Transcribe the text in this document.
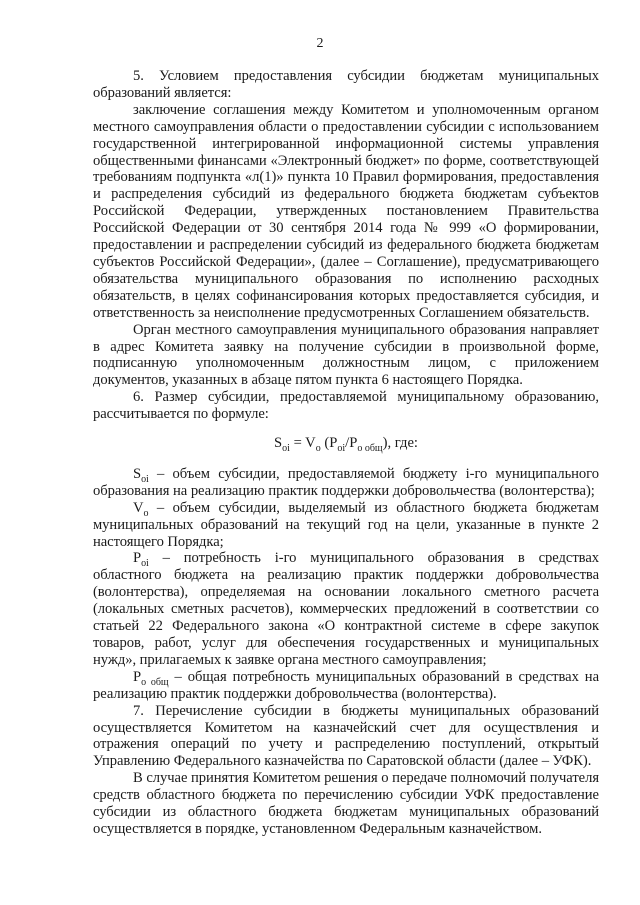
2

5. Условием предоставления субсидии бюджетам муниципальных образований является:

заключение соглашения между Комитетом и уполномоченным органом местного самоуправления области о предоставлении субсидии с использованием государственной интегрированной информационной системы управления общественными финансами «Электронный бюджет» по форме, соответствующей требованиям подпункта «л(1)» пункта 10 Правил формирования, предоставления и распределения субсидий из федерального бюджета бюджетам субъектов Российской Федерации, утвержденных постановлением Правительства Российской Федерации от 30 сентября 2014 года № 999 «О формировании, предоставлении и распределении субсидий из федерального бюджета бюджетам субъектов Российской Федерации», (далее – Соглашение), предусматривающего обязательства муниципального образования по исполнению расходных обязательств, в целях софинансирования которых предоставляется субсидия, и ответственность за неисполнение предусмотренных Соглашением обязательств.

Орган местного самоуправления муниципального образования направляет в адрес Комитета заявку на получение субсидии в произвольной форме, подписанную уполномоченным должностным лицом, с приложением документов, указанных в абзаце пятом пункта 6 настоящего Порядка.

6. Размер субсидии, предоставляемой муниципальному образованию, рассчитывается по формуле:

$S_{oi} = V_o$ $(P_{oi}/P_{o общ})$, где:

$S_{oi}$ – объем субсидии, предоставляемой бюджету i-го муниципального образования на реализацию практик поддержки добровольчества (волонтерства);

$V_o$ – объем субсидии, выделяемый из областного бюджета бюджетам муниципальных образований на текущий год на цели, указанные в пункте 2 настоящего Порядка;

$P_{oi}$ – потребность i-го муниципального образования в средствах областного бюджета на реализацию практик поддержки добровольчества (волонтерства), определяемая на основании локального сметного расчета (локальных сметных расчетов), коммерческих предложений в соответствии со статьей 22 Федерального закона «О контрактной системе в сфере закупок товаров, работ, услуг для обеспечения государственных и муниципальных нужд», прилагаемых к заявке органа местного самоуправления;

$P_{o общ}$ – общая потребность муниципальных образований в средствах на реализацию практик поддержки добровольчества (волонтерства).

7. Перечисление субсидии в бюджеты муниципальных образований осуществляется Комитетом на казначейский счет для осуществления и отражения операций по учету и распределению поступлений, открытый Управлению Федерального казначейства по Саратовской области (далее – УФК).

В случае принятия Комитетом решения о передаче полномочий получателя средств областного бюджета по перечислению субсидии УФК предоставление субсидии из областного бюджета бюджетам муниципальных образований осуществляется в порядке, установленном Федеральным казначейством.
